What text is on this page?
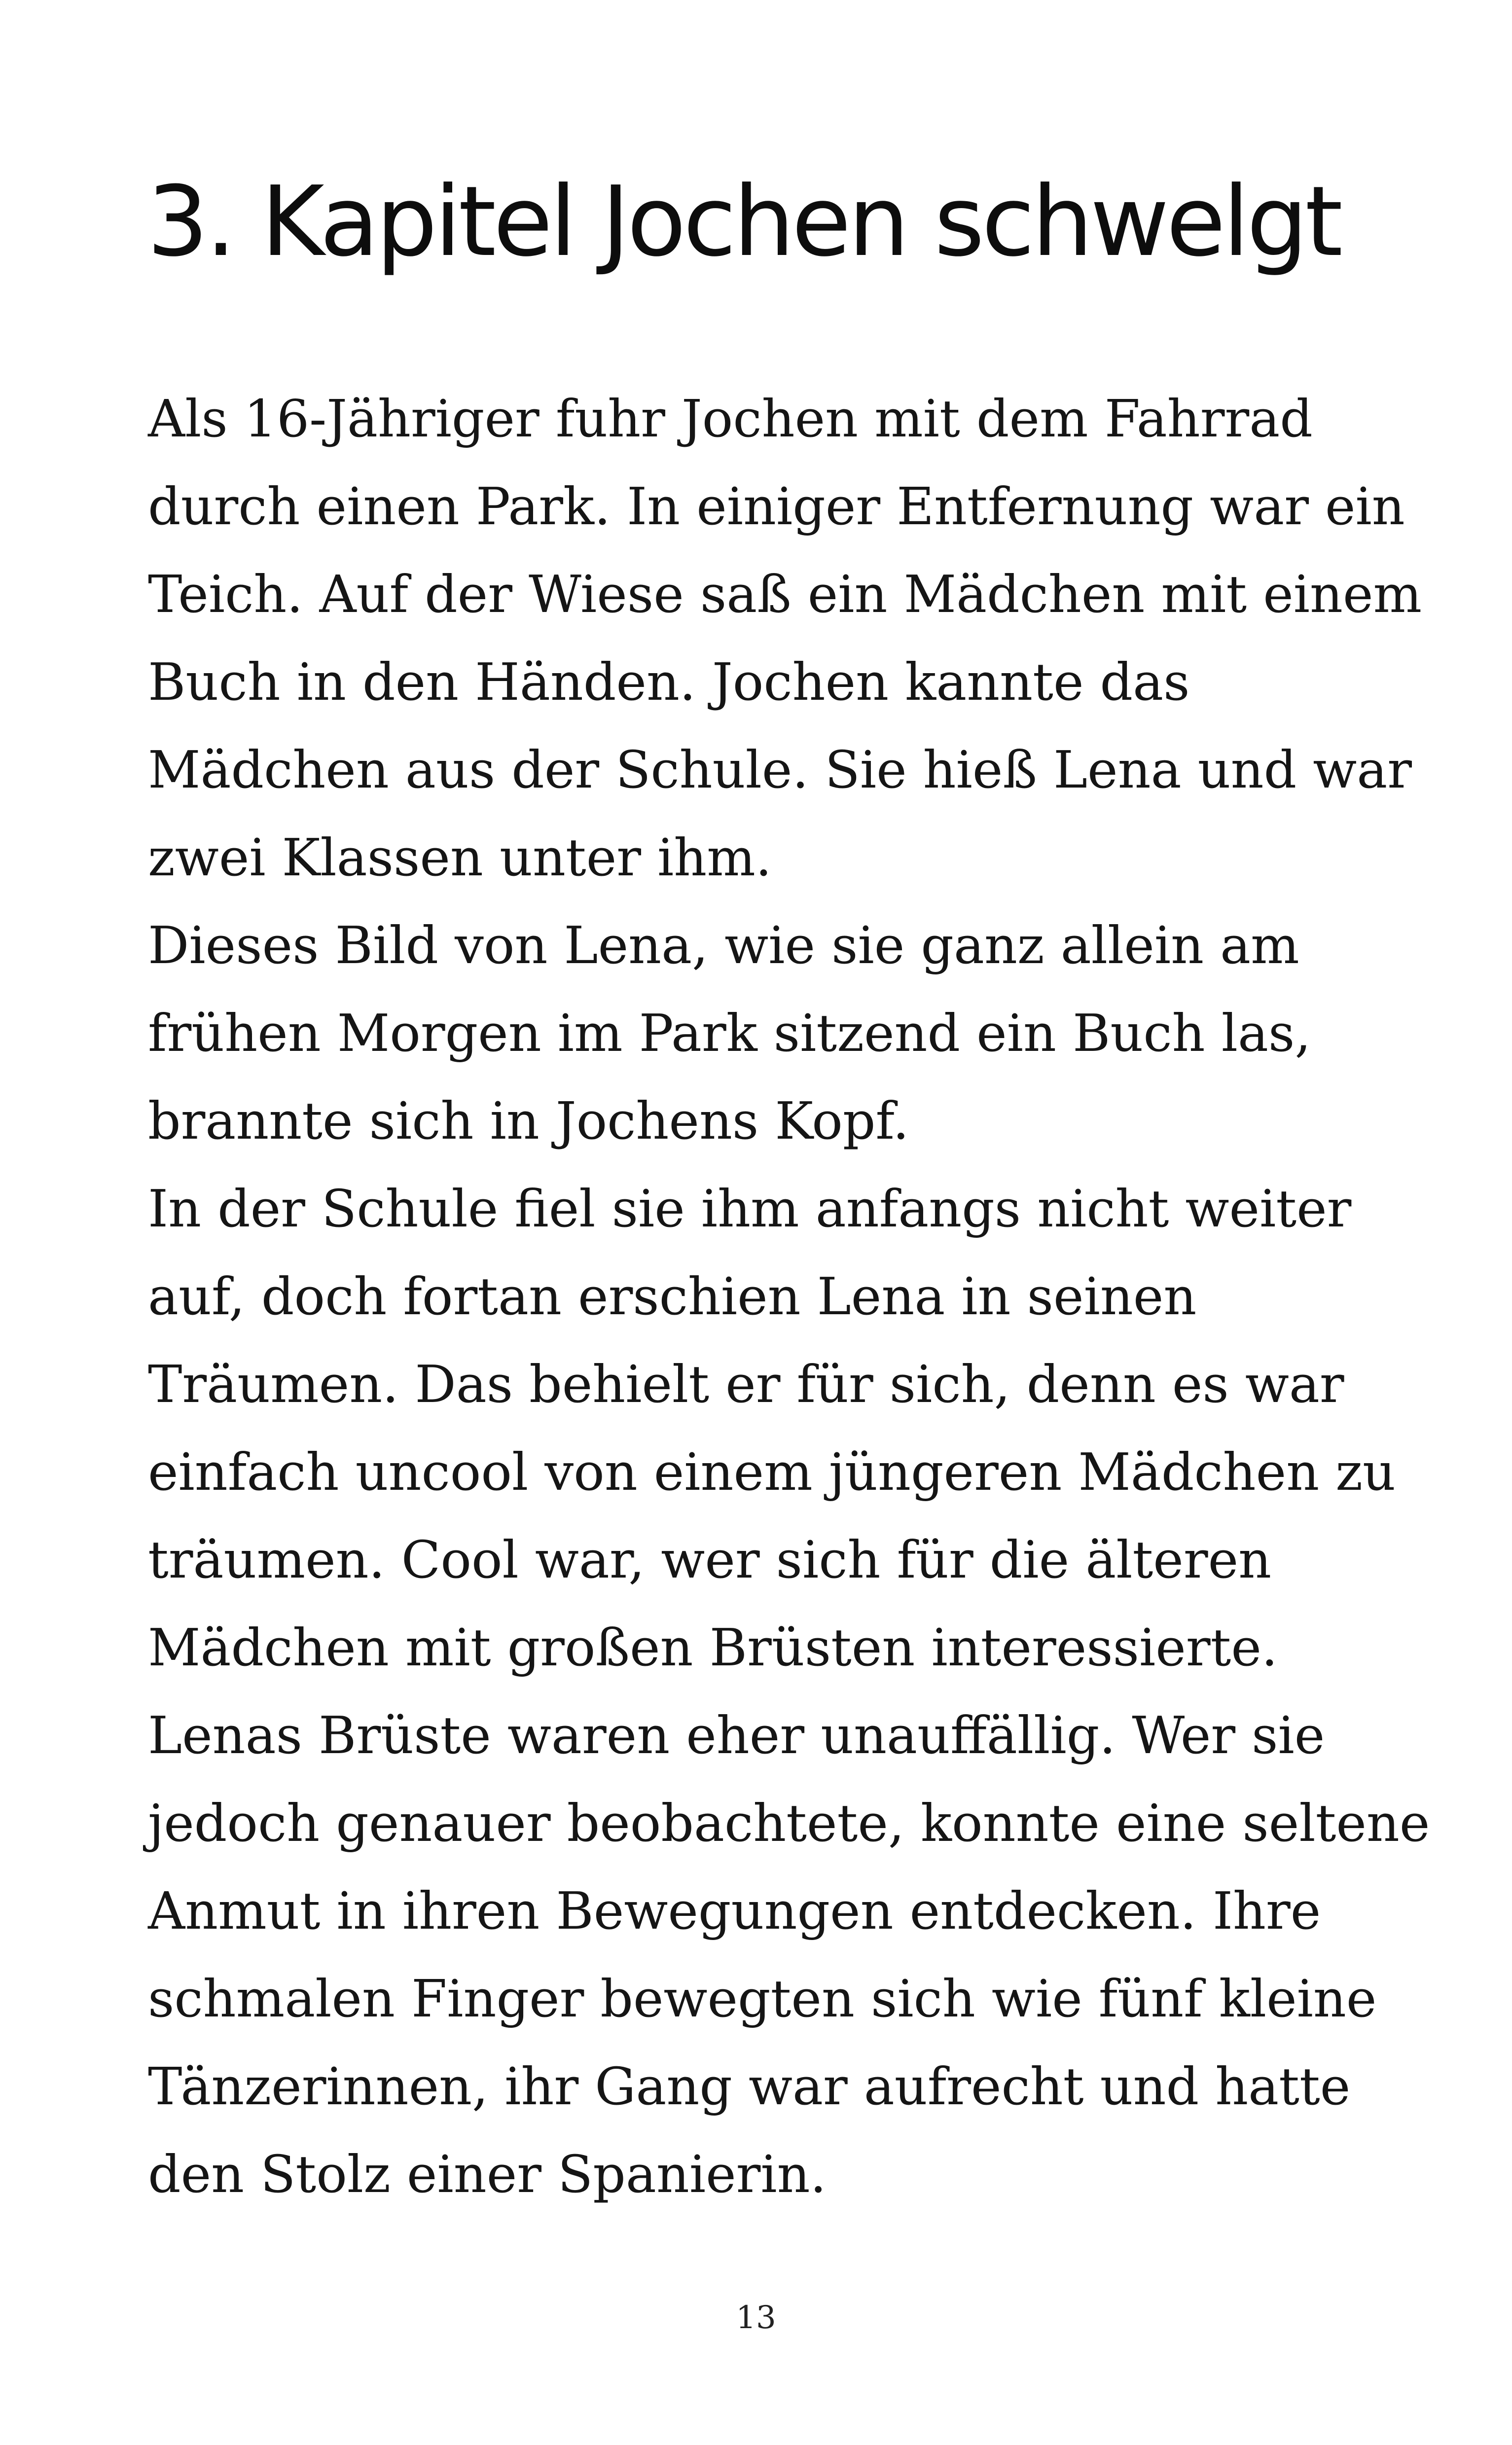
3. Kapitel Jochen schwelgt
Als 16-Jähriger fuhr Jochen mit dem Fahrrad
durch einen Park. In einiger Entfernung war ein
Teich. Auf der Wiese saß ein Mädchen mit einem
Buch in den Händen. Jochen kannte das
Mädchen aus der Schule. Sie hieß Lena und war
zwei Klassen unter ihm.
Dieses Bild von Lena, wie sie ganz allein am
frühen Morgen im Park sitzend ein Buch las,
brannte sich in Jochens Kopf.
In der Schule fiel sie ihm anfangs nicht weiter
auf, doch fortan erschien Lena in seinen
Träumen. Das behielt er für sich, denn es war
einfach uncool von einem jüngeren Mädchen zu
träumen. Cool war, wer sich für die älteren
Mädchen mit großen Brüsten interessierte.
Lenas Brüste waren eher unauffällig. Wer sie
jedoch genauer beobachtete, konnte eine seltene
Anmut in ihren Bewegungen entdecken. Ihre
schmalen Finger bewegten sich wie fünf kleine
Tänzerinnen, ihr Gang war aufrecht und hatte
den Stolz einer Spanierin.
13
